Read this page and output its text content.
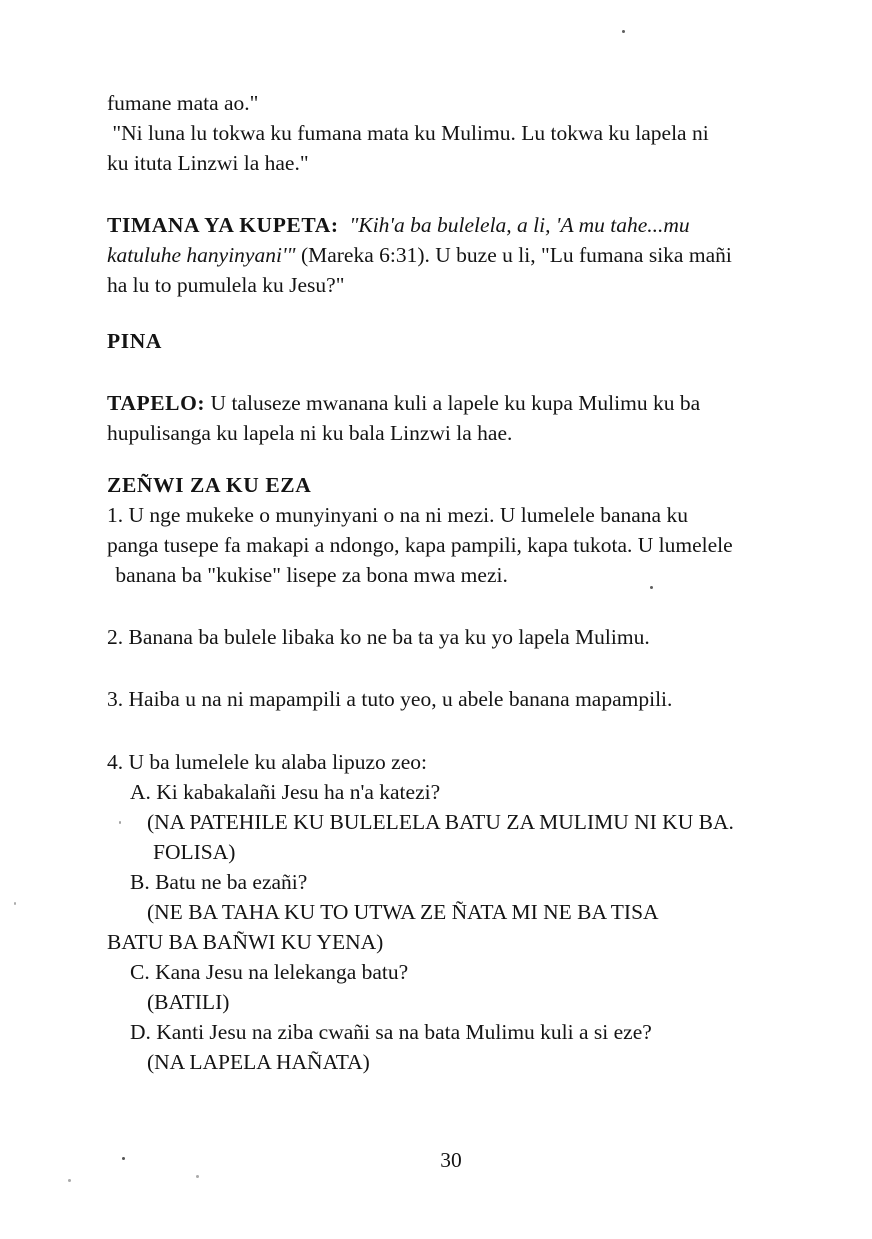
fumane mata ao."
"Ni luna lu tokwa ku fumana mata ku Mulimu. Lu tokwa ku lapela ni
ku ituta Linzwi la hae."
TIMANA YA KUPETA:  "Kih'a ba bulelela, a li, 'A mu tahe...mu
katuluhe hanyinyani'" (Mareka 6:31). U buze u li, "Lu fumana sika mañi
ha lu to pumulela ku Jesu?"
PINA
TAPELO: U taluseze mwanana kuli a lapele ku kupa Mulimu ku ba
hupulisanga ku lapela ni ku bala Linzwi la hae.
ZEÑWI ZA KU EZA
1. U nge mukeke o munyinyani o na ni mezi. U lumelele banana ku
panga tusepe fa makapi a ndongo, kapa pampili, kapa tukota. U lumelele
banana ba "kukise" lisepe za bona mwa mezi.
2. Banana ba bulele libaka ko ne ba ta ya ku yo lapela Mulimu.
3. Haiba u na ni mapampili a tuto yeo, u abele banana mapampili.
4. U ba lumelele ku alaba lipuzo zeo:
A. Ki kabakalañi Jesu ha n'a katezi?
(NA PATEHILE KU BULELELA BATU ZA MULIMU NI KU BA.
FOLISA)
B. Batu ne ba ezañi?
(NE BA TAHA KU TO UTWA ZE ÑATA MI NE BA TISA
BATU BA BAÑWI KU YENA)
C. Kana Jesu na lelekanga batu?
(BATILI)
D. Kanti Jesu na ziba cwañi sa na bata Mulimu kuli a si eze?
(NA LAPELA HAÑATA)
30
